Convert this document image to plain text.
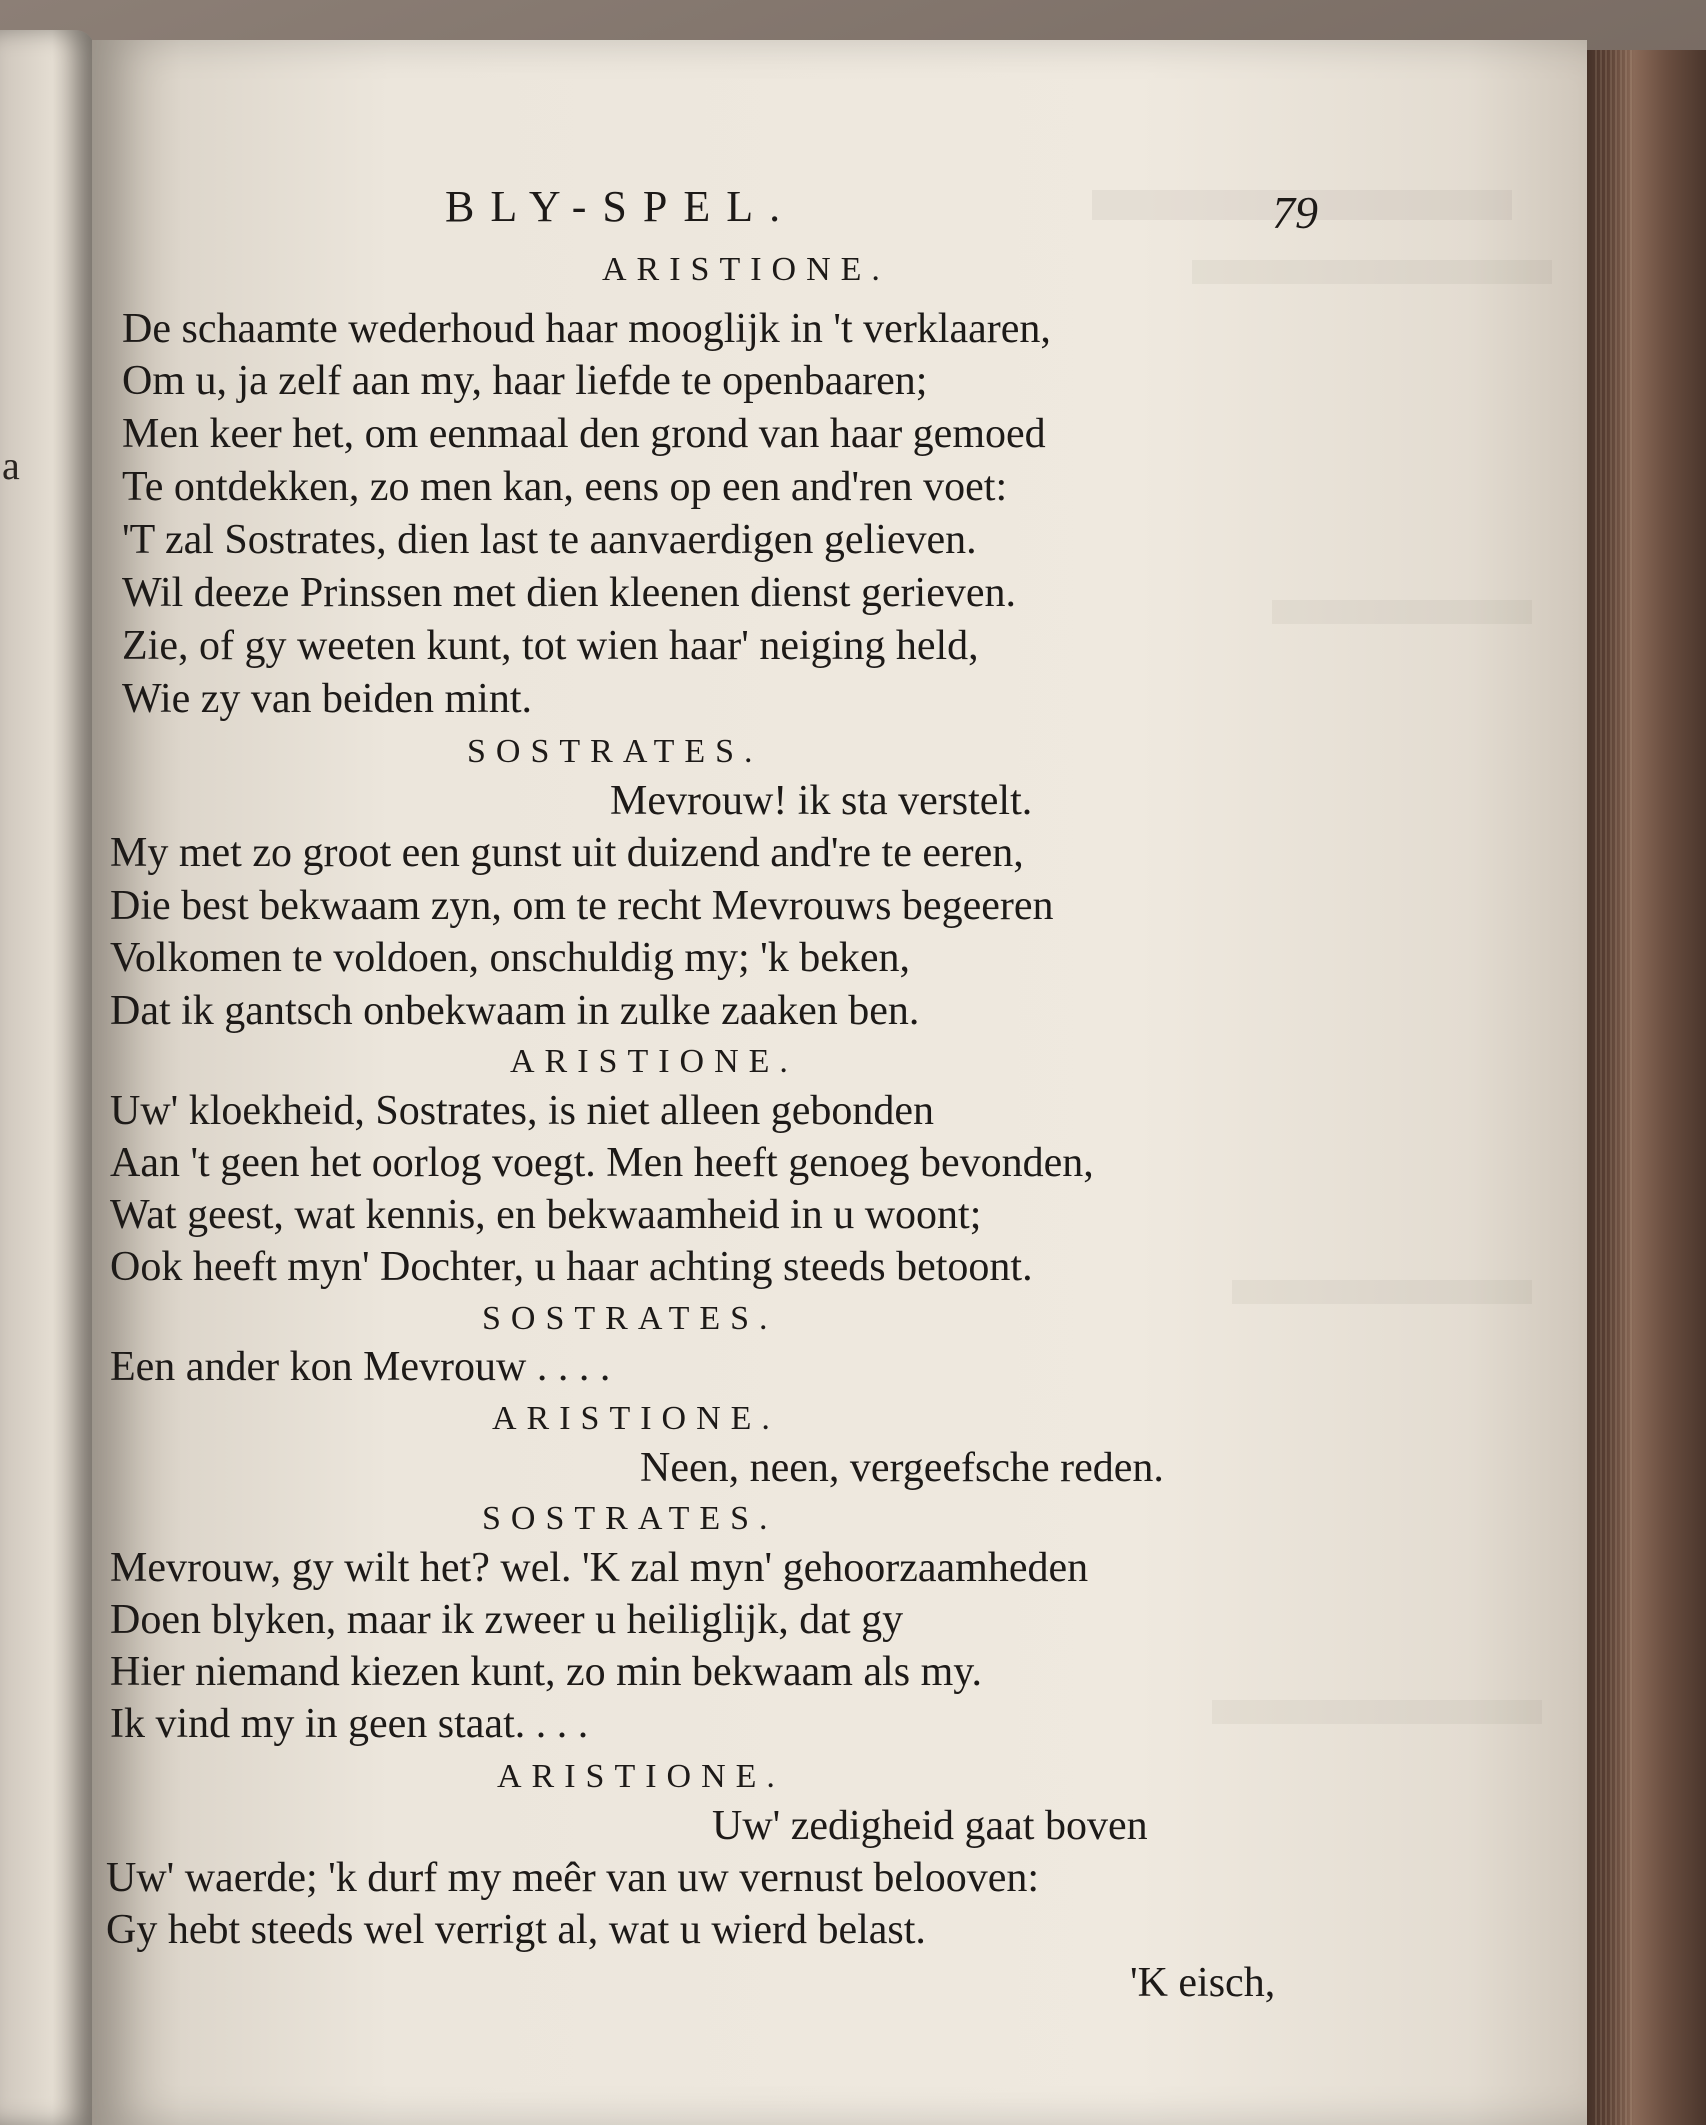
a
BLY-SPEL.	79
ARISTIONE.
De schaamte wederhoud haar mooglijk in 't verklaaren,
Om u, ja zelf aan my, haar liefde te openbaaren;
Men keer het, om eenmaal den grond van haar gemoed
Te ontdekken, zo men kan, eens op een and'ren voet:
'T zal Sostrates, dien last te aanvaerdigen gelieven.
Wil deeze Prinssen met dien kleenen dienst gerieven.
Zie, of gy weeten kunt, tot wien haar' neiging held,
Wie zy van beiden mint.
SOSTRATES.
Mevrouw! ik sta verstelt.
My met zo groot een gunst uit duizend and're te eeren,
Die best bekwaam zyn, om te recht Mevrouws begeeren
Volkomen te voldoen, onschuldig my; 'k beken,
Dat ik gantsch onbekwaam in zulke zaaken ben.
ARISTIONE.
Uw' kloekheid, Sostrates, is niet alleen gebonden
Aan 't geen het oorlog voegt. Men heeft genoeg bevonden,
Wat geest, wat kennis, en bekwaamheid in u woont;
Ook heeft myn' Dochter, u haar achting steeds betoont.
SOSTRATES.
Een ander kon Mevrouw . . . .
ARISTIONE.
Neen, neen, vergeefsche reden.
SOSTRATES.
Mevrouw, gy wilt het? wel. 'K zal myn' gehoorzaamheden
Doen blyken, maar ik zweer u heiliglijk, dat gy
Hier niemand kiezen kunt, zo min bekwaam als my.
Ik vind my in geen staat. . . .
ARISTIONE.
Uw' zedigheid gaat boven
Uw' waerde; 'k durf my meêr van uw vernust belooven:
Gy hebt steeds wel verrigt al, wat u wierd belast.
'K eisch,
